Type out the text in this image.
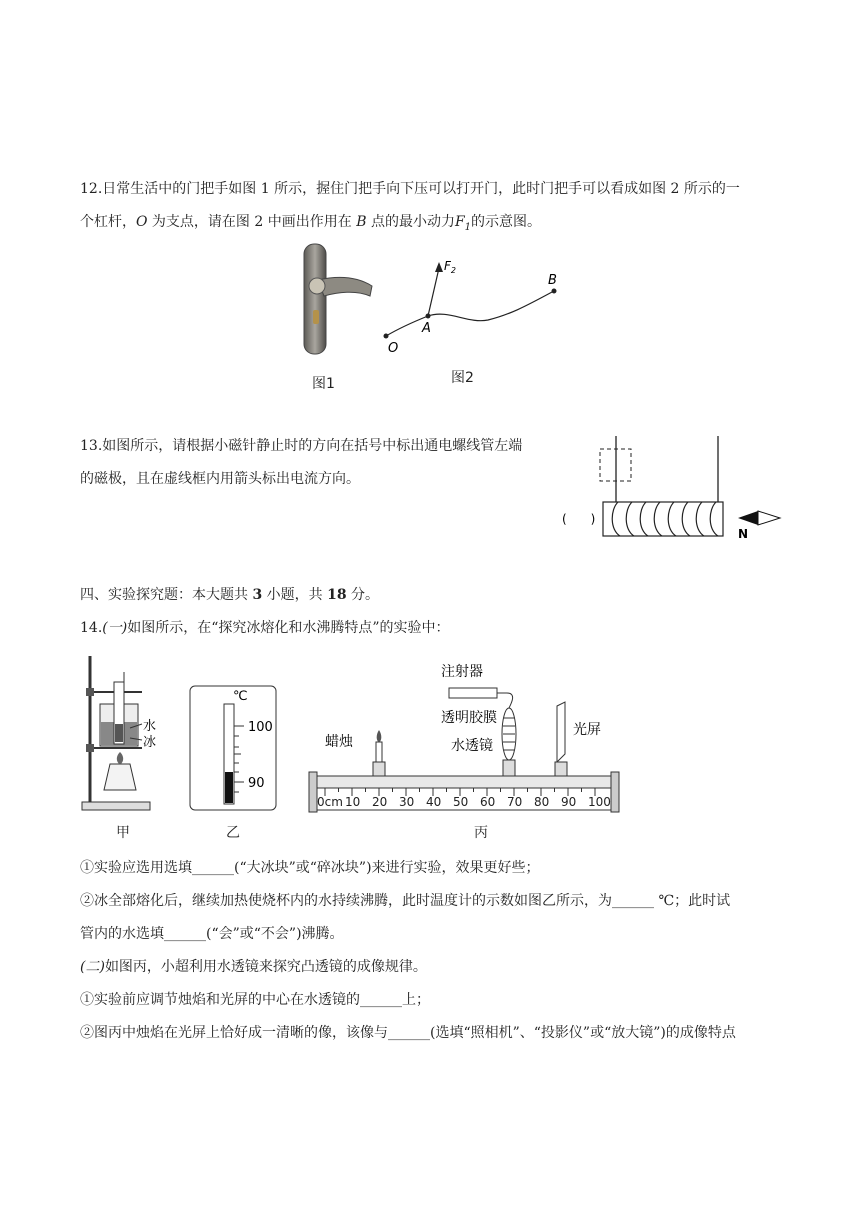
12.日常生活中的门把手如图 1 所示，握住门把手向下压可以打开门，此时门把手可以看成如图 2 所示的一
个杠杆，O 为支点，请在图 2 中画出作用在 B 点的最小动力$F_1$的示意图。
图1
$F_2$
A
B
O
图2
13.如图所示，请根据小磁针静止时的方向在括号中标出通电螺线管左端
的磁极，且在虚线框内用箭头标出电流方向。
(　　)
N
四、实验探究题：本大题共 3 小题，共 18 分。
14.(一)如图所示，在“探究冰熔化和水沸腾特点”的实验中：
水
冰
甲
℃
100
90
乙
注射器
透明胶膜
蜡烛	水透镜
光屏
0cm 10 20 30 40 50 60 70 80 90 100
丙
①实验应选用选填______(“大冰块”或“碎冰块”)来进行实验，效果更好些；
②冰全部熔化后，继续加热使烧杯内的水持续沸腾，此时温度计的示数如图乙所示，为______ ℃；此时试
管内的水选填______(“会”或“不会”)沸腾。
(二)如图丙，小超利用水透镜来探究凸透镜的成像规律。
①实验前应调节烛焰和光屏的中心在水透镜的______上；
②图丙中烛焰在光屏上恰好成一清晰的像，该像与______(选填“照相机”、“投影仪”或“放大镜”)的成像特点
